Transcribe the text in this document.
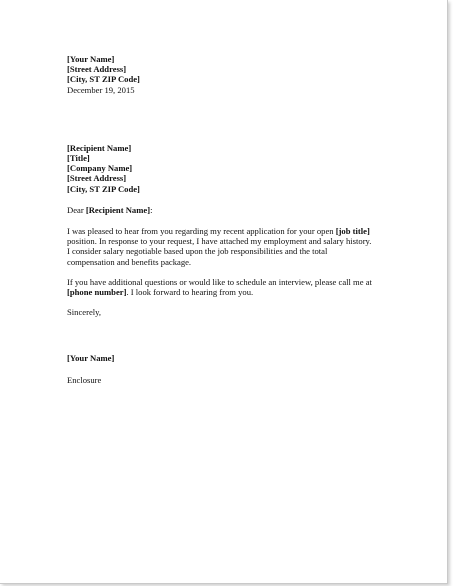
[Your Name]
[Street Address]
[City, ST ZIP Code]
December 19, 2015
[Recipient Name]
[Title]
[Company Name]
[Street Address]
[City, ST ZIP Code]
Dear [Recipient Name]:
I was pleased to hear from you regarding my recent application for your open [job title]
position. In response to your request, I have attached my employment and salary history.
I consider salary negotiable based upon the job responsibilities and the total
compensation and benefits package.
If you have additional questions or would like to schedule an interview, please call me at
[phone number]. I look forward to hearing from you.
Sincerely,
[Your Name]
Enclosure
